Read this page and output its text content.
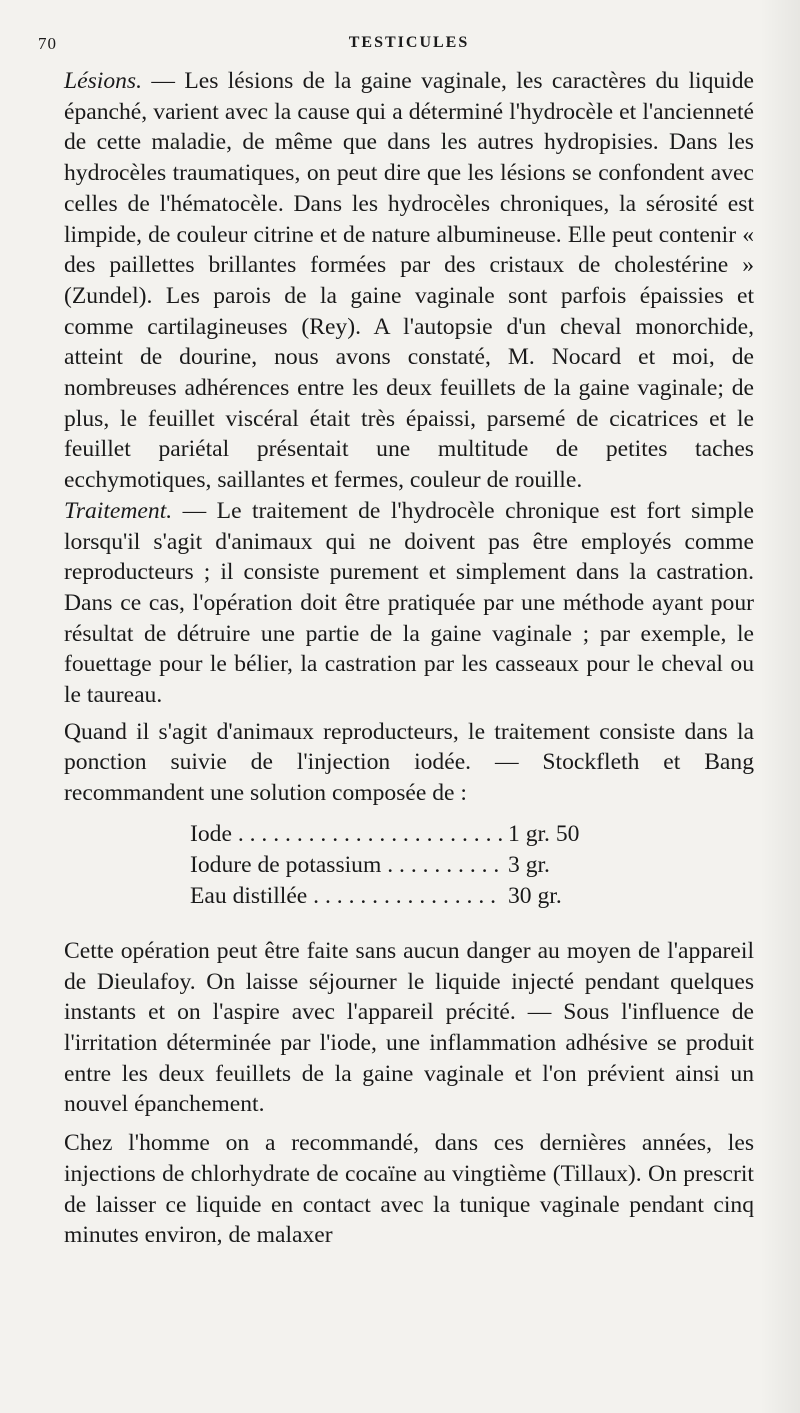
70	TESTICULES

Lésions. — Les lésions de la gaine vaginale, les caractères du liquide épanché, varient avec la cause qui a déterminé l'hydrocèle et l'ancienneté de cette maladie, de même que dans les autres hydropisies. Dans les hydrocèles traumatiques, on peut dire que les lésions se confondent avec celles de l'hématocèle. Dans les hydrocèles chroniques, la sérosité est limpide, de couleur citrine et de nature albumineuse. Elle peut contenir « des paillettes brillantes formées par des cristaux de cholestérine » (Zundel). Les parois de la gaine vaginale sont parfois épaissies et comme cartilagineuses (Rey). A l'autopsie d'un cheval monorchide, atteint de dourine, nous avons constaté, M. Nocard et moi, de nombreuses adhérences entre les deux feuillets de la gaine vaginale; de plus, le feuillet viscéral était très épaissi, parsemé de cicatrices et le feuillet pariétal présentait une multitude de petites taches ecchymotiques, saillantes et fermes, couleur de rouille.

Traitement. — Le traitement de l'hydrocèle chronique est fort simple lorsqu'il s'agit d'animaux qui ne doivent pas être employés comme reproducteurs ; il consiste purement et simplement dans la castration. Dans ce cas, l'opération doit être pratiquée par une méthode ayant pour résultat de détruire une partie de la gaine vaginale ; par exemple, le fouettage pour le bélier, la castration par les casseaux pour le cheval ou le taureau.

Quand il s'agit d'animaux reproducteurs, le traitement consiste dans la ponction suivie de l'injection iodée. — Stockfleth et Bang recommandent une solution composée de :

Iode . . .	1 gr. 50
Iodure de potassium . . .	3 gr.
Eau distillée . . .	30 gr.

Cette opération peut être faite sans aucun danger au moyen de l'appareil de Dieulafoy. On laisse séjourner le liquide injecté pendant quelques instants et on l'aspire avec l'appareil précité. — Sous l'influence de l'irritation déterminée par l'iode, une inflammation adhésive se produit entre les deux feuillets de la gaine vaginale et l'on prévient ainsi un nouvel épanchement.

Chez l'homme on a recommandé, dans ces dernières années, les injections de chlorhydrate de cocaïne au vingtième (Tillaux). On prescrit de laisser ce liquide en contact avec la tunique vaginale pendant cinq minutes environ, de malaxer
